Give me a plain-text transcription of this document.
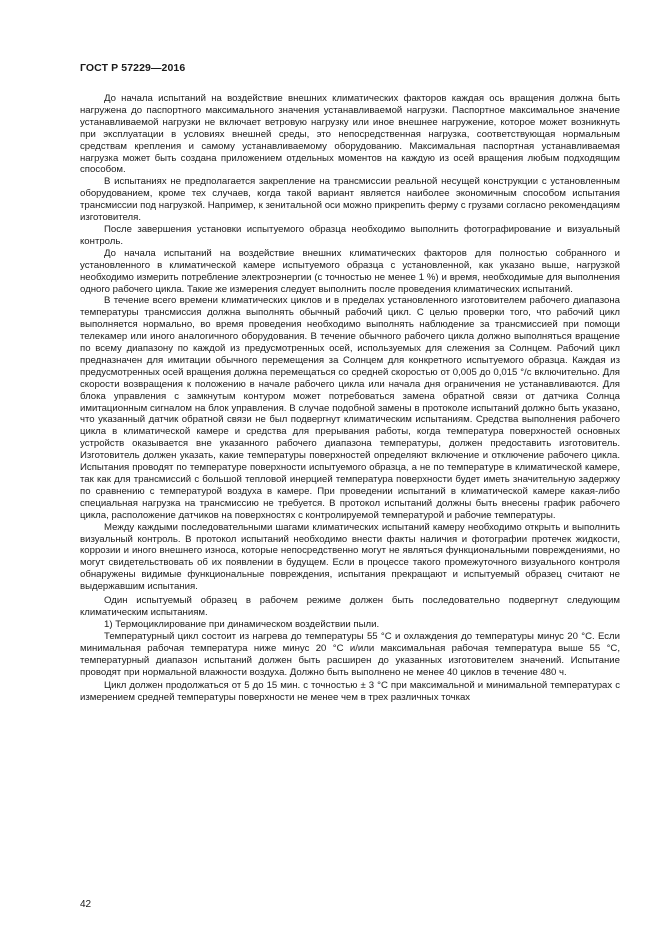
ГОСТ Р 57229—2016

До начала испытаний на воздействие внешних климатических факторов каждая ось вращения должна быть нагружена до паспортного максимального значения устанавливаемой нагрузки. Паспортное максимальное значение устанавливаемой нагрузки не включает ветровую нагрузку или иное внешнее нагружение, которое может возникнуть при эксплуатации в условиях внешней среды, это непосредственная нагрузка, соответствующая нормальным средствам крепления и самому устанавливаемому оборудованию. Максимальная паспортная устанавливаемая нагрузка может быть создана приложением отдельных моментов на каждую из осей вращения любым подходящим способом.

В испытаниях не предполагается закрепление на трансмиссии реальной несущей конструкции с установленным оборудованием, кроме тех случаев, когда такой вариант является наиболее экономичным способом испытания трансмиссии под нагрузкой. Например, к зенитальной оси можно прикрепить ферму с грузами согласно рекомендациям изготовителя.

После завершения установки испытуемого образца необходимо выполнить фотографирование и визуальный контроль.

До начала испытаний на воздействие внешних климатических факторов для полностью собранного и установленного в климатической камере испытуемого образца с установленной, как указано выше, нагрузкой необходимо измерить потребление электроэнергии (с точностью не менее 1 %) и время, необходимые для выполнения одного рабочего цикла. Такие же измерения следует выполнить после проведения климатических испытаний.

В течение всего времени климатических циклов и в пределах установленного изготовителем рабочего диапазона температуры трансмиссия должна выполнять обычный рабочий цикл. С целью проверки того, что рабочий цикл выполняется нормально, во время проведения необходимо выполнять наблюдение за трансмиссией при помощи телекамер или иного аналогичного оборудования. В течение обычного рабочего цикла должно выполняться вращение по всему диапазону по каждой из предусмотренных осей, используемых для слежения за Солнцем. Рабочий цикл предназначен для имитации обычного перемещения за Солнцем для конкретного испытуемого образца. Каждая из предусмотренных осей вращения должна перемещаться со средней скоростью от 0,005 до 0,015 °/с включительно. Для скорости возвращения к положению в начале рабочего цикла или начала дня ограничения не устанавливаются. Для блока управления с замкнутым контуром может потребоваться замена обратной связи от датчика Солнца имитационным сигналом на блок управления. В случае подобной замены в протоколе испытаний должно быть указано, что указанный датчик обратной связи не был подвергнут климатическим испытаниям. Средства выполнения рабочего цикла в климатической камере и средства для прерывания работы, когда температура поверхностей основных устройств оказывается вне указанного рабочего диапазона температуры, должен предоставить изготовитель. Изготовитель должен указать, какие температуры поверхностей определяют включение и отключение рабочего цикла. Испытания проводят по температуре поверхности испытуемого образца, а не по температуре в климатической камере, так как для трансмиссий с большой тепловой инерцией температура поверхности будет иметь значительную задержку по сравнению с температурой воздуха в камере. При проведении испытаний в климатической камере какая-либо специальная нагрузка на трансмиссию не требуется. В протокол испытаний должны быть внесены график рабочего цикла, расположение датчиков на поверхностях с контролируемой температурой и рабочие температуры.

Между каждыми последовательными шагами климатических испытаний камеру необходимо открыть и выполнить визуальный контроль. В протокол испытаний необходимо внести факты наличия и фотографии протечек жидкости, коррозии и иного внешнего износа, которые непосредственно могут не являться функциональными повреждениями, но могут свидетельствовать об их появлении в будущем. Если в процессе такого промежуточного визуального контроля обнаружены видимые функциональные повреждения, испытания прекращают и испытуемый образец считают не выдержавшим испытания.

Один испытуемый образец в рабочем режиме должен быть последовательно подвергнут следующим климатическим испытаниям.

1) Термоциклирование при динамическом воздействии пыли.

Температурный цикл состоит из нагрева до температуры 55 °С и охлаждения до температуры минус 20 °С. Если минимальная рабочая температура ниже минус 20 °С и/или максимальная рабочая температура выше 55 °С, температурный диапазон испытаний должен быть расширен до указанных изготовителем значений. Испытание проводят при нормальной влажности воздуха. Должно быть выполнено не менее 40 циклов в течение 480 ч.

Цикл должен продолжаться от 5 до 15 мин. с точностью ± 3 °С при максимальной и минимальной температурах с измерением средней температуры поверхности не менее чем в трех различных точках

42
